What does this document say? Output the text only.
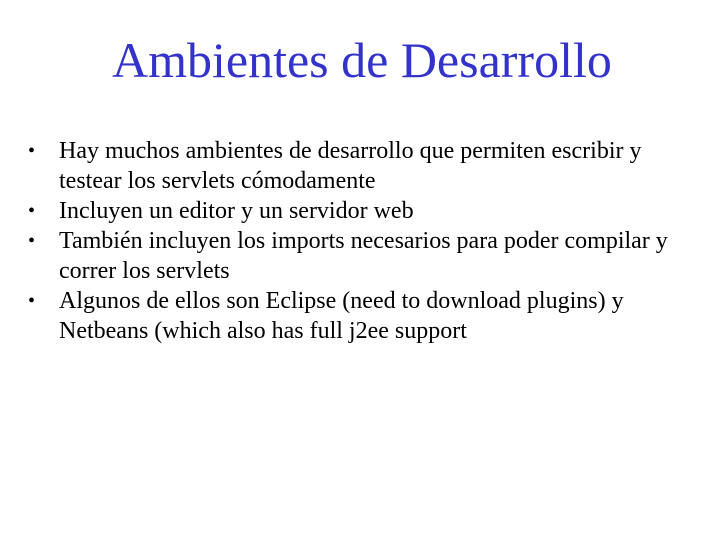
Ambientes de Desarrollo
• Hay muchos ambientes de desarrollo que permiten escribir y testear los servlets cómodamente
• Incluyen un editor y un servidor web
• También incluyen los imports necesarios para poder compilar y correr los servlets
• Algunos de ellos son Eclipse (need to download plugins) y Netbeans (which also has full j2ee support
